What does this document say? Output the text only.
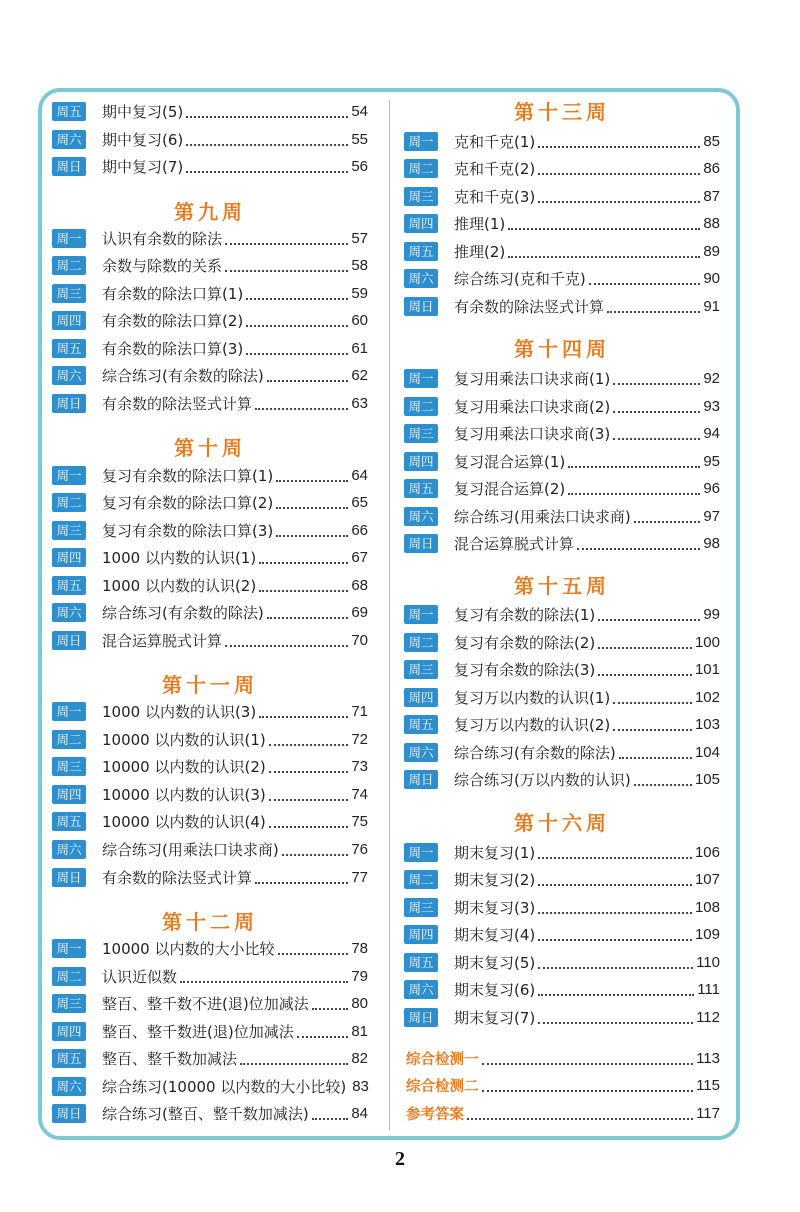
周五	期中复习(5)	54
周六	期中复习(6)	55
周日	期中复习(7)	56
第九周
周一	认识有余数的除法	57
周二	余数与除数的关系	58
周三	有余数的除法口算(1)	59
周四	有余数的除法口算(2)	60
周五	有余数的除法口算(3)	61
周六	综合练习(有余数的除法)	62
周日	有余数的除法竖式计算	63
第十周
周一	复习有余数的除法口算(1)	64
周二	复习有余数的除法口算(2)	65
周三	复习有余数的除法口算(3)	66
周四	1000 以内数的认识(1)	67
周五	1000 以内数的认识(2)	68
周六	综合练习(有余数的除法)	69
周日	混合运算脱式计算	70
第十一周
周一	1000 以内数的认识(3)	71
周二	10000 以内数的认识(1)	72
周三	10000 以内数的认识(2)	73
周四	10000 以内数的认识(3)	74
周五	10000 以内数的认识(4)	75
周六	综合练习(用乘法口诀求商)	76
周日	有余数的除法竖式计算	77
第十二周
周一	10000 以内数的大小比较	78
周二	认识近似数	79
周三	整百、整千数不进(退)位加减法	80
周四	整百、整千数进(退)位加减法	81
周五	整百、整千数加减法	82
周六	综合练习(10000 以内数的大小比较) 83
周日	综合练习(整百、整千数加减法)	84
第十三周
周一	克和千克(1)	85
周二	克和千克(2)	86
周三	克和千克(3)	87
周四	推理(1)	88
周五	推理(2)	89
周六	综合练习(克和千克)	90
周日	有余数的除法竖式计算	91
第十四周
周一	复习用乘法口诀求商(1)	92
周二	复习用乘法口诀求商(2)	93
周三	复习用乘法口诀求商(3)	94
周四	复习混合运算(1)	95
周五	复习混合运算(2)	96
周六	综合练习(用乘法口诀求商)	97
周日	混合运算脱式计算	98
第十五周
周一	复习有余数的除法(1)	99
周二	复习有余数的除法(2)	100
周三	复习有余数的除法(3)	101
周四	复习万以内数的认识(1)	102
周五	复习万以内数的认识(2)	103
周六	综合练习(有余数的除法)	104
周日	综合练习(万以内数的认识)	105
第十六周
周一	期末复习(1)	106
周二	期末复习(2)	107
周三	期末复习(3)	108
周四	期末复习(4)	109
周五	期末复习(5)	110
周六	期末复习(6)	111
周日	期末复习(7)	112
综合检测一	113
综合检测二	115
参考答案	117
2
